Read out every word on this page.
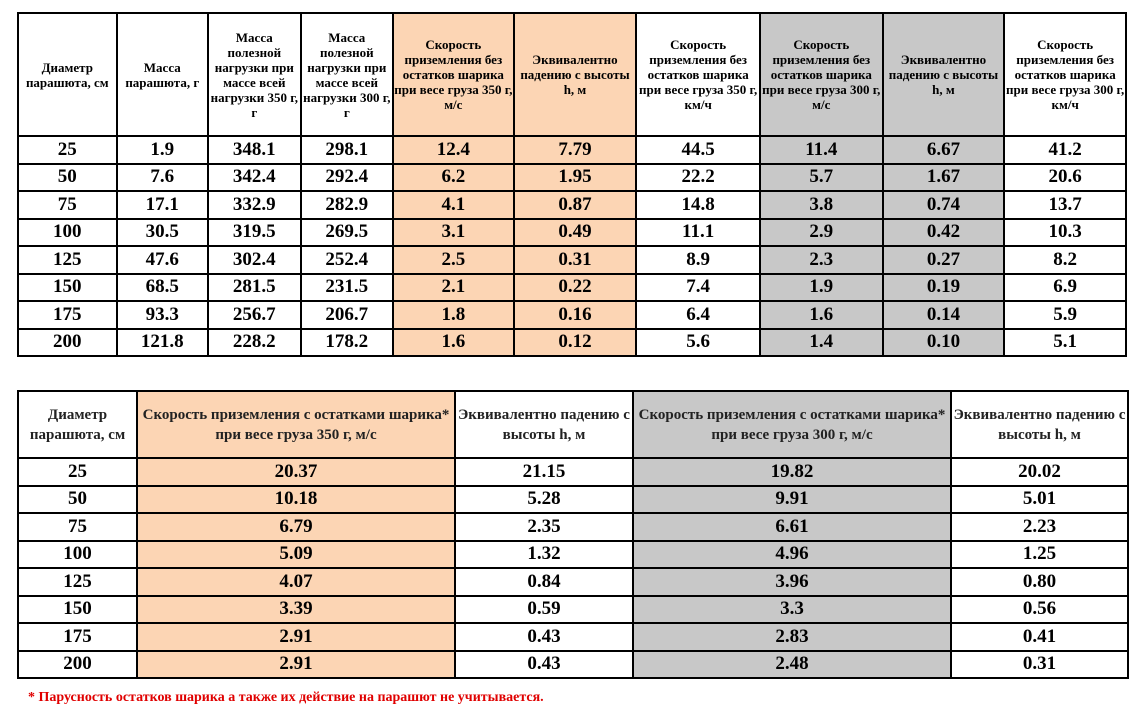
Диаметр парашюта, см	Масса парашюта, г	Масса полезной нагрузки при массе всей нагрузки 350 г, г	Масса полезной нагрузки при массе всей нагрузки 300 г, г	Скорость приземления без остатков шарика при весе груза 350 г, м/с	Эквивалентно падению с высоты h, м	Скорость приземления без остатков шарика при весе груза 350 г, км/ч	Скорость приземления без остатков шарика при весе груза 300 г, м/с	Эквивалентно падению с высоты h, м	Скорость приземления без остатков шарика при весе груза 300 г, км/ч
25	1.9	348.1	298.1	12.4	7.79	44.5	11.4	6.67	41.2
50	7.6	342.4	292.4	6.2	1.95	22.2	5.7	1.67	20.6
75	17.1	332.9	282.9	4.1	0.87	14.8	3.8	0.74	13.7
100	30.5	319.5	269.5	3.1	0.49	11.1	2.9	0.42	10.3
125	47.6	302.4	252.4	2.5	0.31	8.9	2.3	0.27	8.2
150	68.5	281.5	231.5	2.1	0.22	7.4	1.9	0.19	6.9
175	93.3	256.7	206.7	1.8	0.16	6.4	1.6	0.14	5.9
200	121.8	228.2	178.2	1.6	0.12	5.6	1.4	0.10	5.1
Диаметр парашюта, см	Скорость приземления с остатками шарика* при весе груза 350 г, м/с	Эквивалентно падению с высоты h, м	Скорость приземления с остатками шарика* при весе груза 300 г, м/с	Эквивалентно падению с высоты h, м
25	20.37	21.15	19.82	20.02
50	10.18	5.28	9.91	5.01
75	6.79	2.35	6.61	2.23
100	5.09	1.32	4.96	1.25
125	4.07	0.84	3.96	0.80
150	3.39	0.59	3.3	0.56
175	2.91	0.43	2.83	0.41
200	2.91	0.43	2.48	0.31
* Парусность остатков шарика а также их действие на парашют не учитывается.
